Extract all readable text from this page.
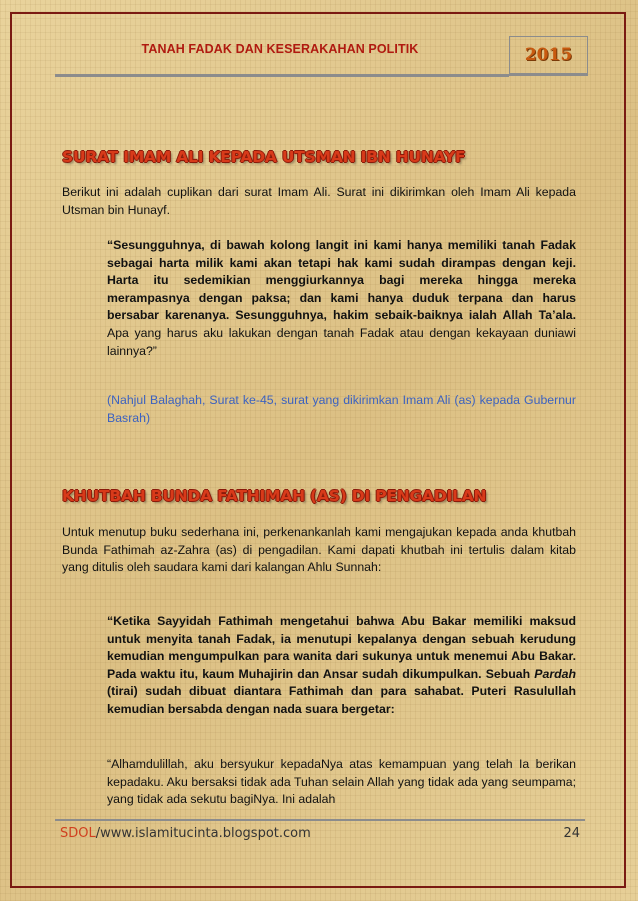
TANAH FADAK DAN KESERAKAHAN POLITIK	2015
SURAT IMAM ALI KEPADA UTSMAN IBN HUNAYF

Berikut ini adalah cuplikan dari surat Imam Ali. Surat ini dikirimkan oleh Imam Ali kepada Utsman bin Hunayf.

“Sesungguhnya, di bawah kolong langit ini kami hanya memiliki tanah Fadak sebagai harta milik kami akan tetapi hak kami sudah dirampas dengan keji. Harta itu sedemikian menggiurkannya bagi mereka hingga mereka merampasnya dengan paksa; dan kami hanya duduk terpana dan harus bersabar karenanya. Sesungguhnya, hakim sebaik-baiknya ialah Allah Ta’ala. Apa yang harus aku lakukan dengan tanah Fadak atau dengan kekayaan duniawi lainnya?”

(Nahjul Balaghah, Surat ke-45, surat yang dikirimkan Imam Ali (as) kepada Gubernur Basrah)

KHUTBAH BUNDA FATHIMAH (AS) DI PENGADILAN

Untuk menutup buku sederhana ini, perkenankanlah kami mengajukan kepada anda khutbah Bunda Fathimah az-Zahra (as) di pengadilan. Kami dapati khutbah ini tertulis dalam kitab yang ditulis oleh saudara kami dari kalangan Ahlu Sunnah:

“Ketika Sayyidah Fathimah mengetahui bahwa Abu Bakar memiliki maksud untuk menyita tanah Fadak, ia menutupi kepalanya dengan sebuah kerudung kemudian mengumpulkan para wanita dari sukunya untuk menemui Abu Bakar. Pada waktu itu, kaum Muhajirin dan Ansar sudah dikumpulkan. Sebuah Pardah (tirai) sudah dibuat diantara Fathimah dan para sahabat. Puteri Rasulullah kemudian bersabda dengan nada suara bergetar:

“Alhamdulillah, aku bersyukur kepadaNya atas kemampuan yang telah Ia berikan kepadaku. Aku bersaksi tidak ada Tuhan selain Allah yang tidak ada yang seumpama; yang tidak ada sekutu bagiNya. Ini adalah

SDOL/www.islamitucinta.blogspot.com	24
